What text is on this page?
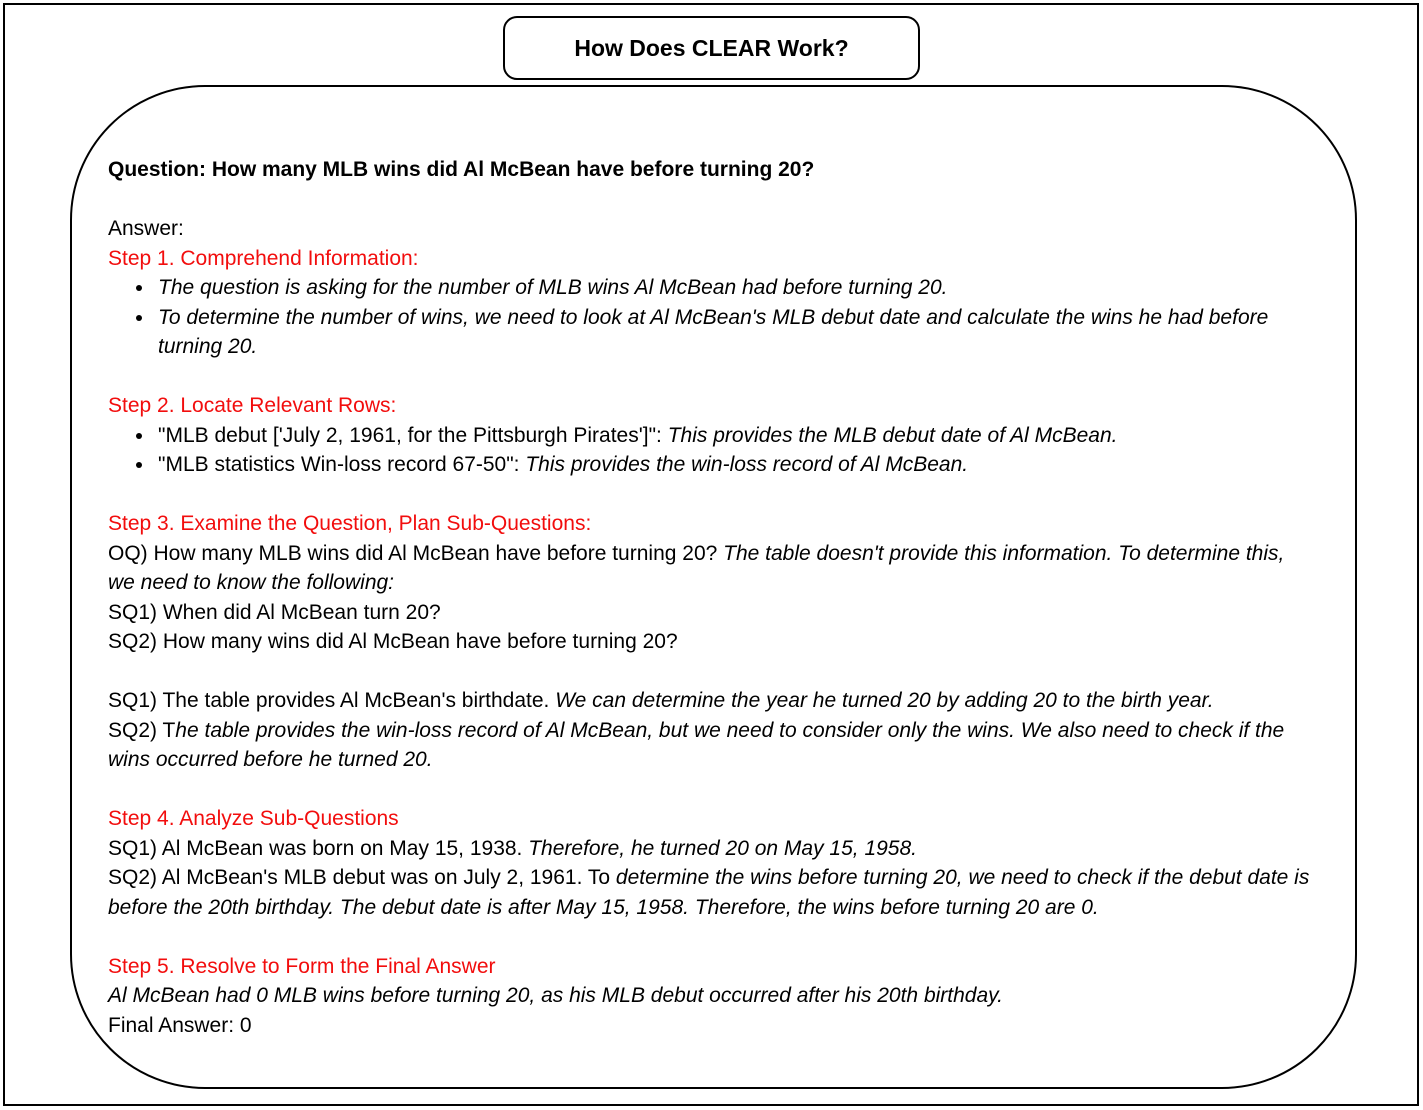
How Does CLEAR Work?

Question: How many MLB wins did Al McBean have before turning 20?

Answer:

Step 1. Comprehend Information:

• The question is asking for the number of MLB wins Al McBean had before turning 20.
• To determine the number of wins, we need to look at Al McBean's MLB debut date and calculate the wins he had before turning 20.

Step 2. Locate Relevant Rows:

• "MLB debut ['July 2, 1961, for the Pittsburgh Pirates']": This provides the MLB debut date of Al McBean.
• "MLB statistics Win-loss record 67-50": This provides the win-loss record of Al McBean.

Step 3. Examine the Question, Plan Sub-Questions:

OQ) How many MLB wins did Al McBean have before turning 20? The table doesn't provide this information. To determine this, we need to know the following:

SQ1) When did Al McBean turn 20?

SQ2) How many wins did Al McBean have before turning 20?

SQ1) The table provides Al McBean's birthdate. We can determine the year he turned 20 by adding 20 to the birth year.

SQ2) The table provides the win-loss record of Al McBean, but we need to consider only the wins. We also need to check if the wins occurred before he turned 20.

Step 4. Analyze Sub-Questions

SQ1) Al McBean was born on May 15, 1938. Therefore, he turned 20 on May 15, 1958.

SQ2) Al McBean's MLB debut was on July 2, 1961. To determine the wins before turning 20, we need to check if the debut date is before the 20th birthday. The debut date is after May 15, 1958. Therefore, the wins before turning 20 are 0.

Step 5. Resolve to Form the Final Answer

Al McBean had 0 MLB wins before turning 20, as his MLB debut occurred after his 20th birthday.

Final Answer: 0
